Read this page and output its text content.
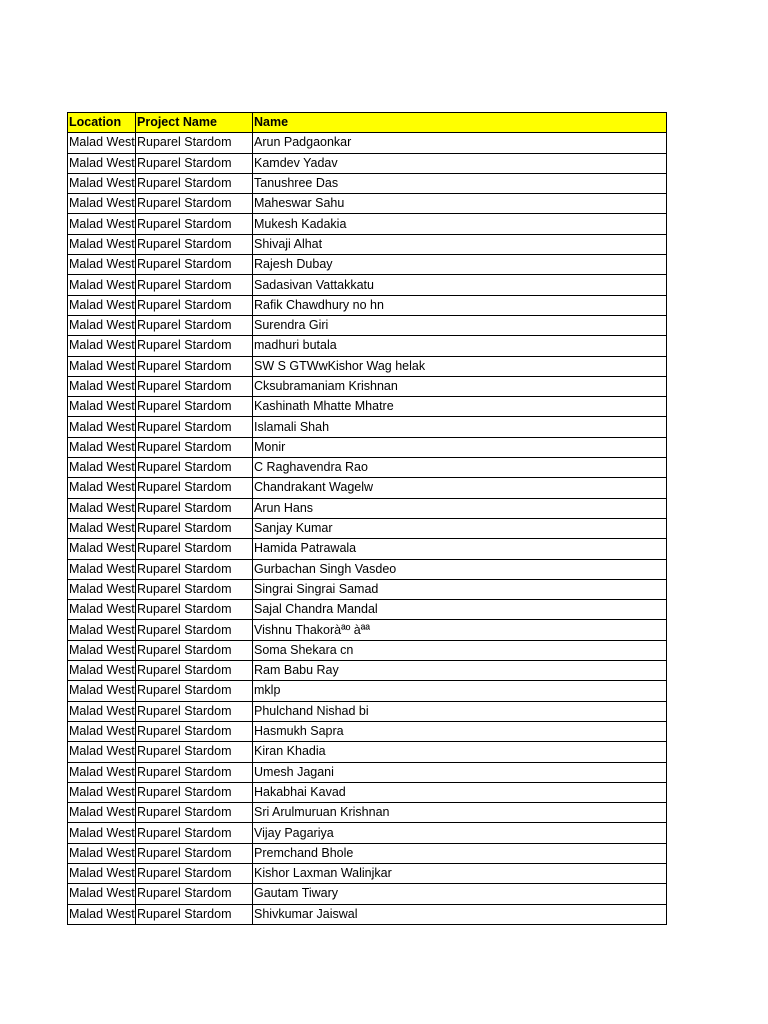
Location	Project Name	Name
Malad West	Ruparel Stardom	Arun Padgaonkar
Malad West	Ruparel Stardom	Kamdev Yadav
Malad West	Ruparel Stardom	Tanushree Das
Malad West	Ruparel Stardom	Maheswar Sahu
Malad West	Ruparel Stardom	Mukesh Kadakia
Malad West	Ruparel Stardom	Shivaji Alhat
Malad West	Ruparel Stardom	Rajesh Dubay
Malad West	Ruparel Stardom	Sadasivan Vattakkatu
Malad West	Ruparel Stardom	Rafik Chawdhury no hn
Malad West	Ruparel Stardom	Surendra Giri
Malad West	Ruparel Stardom	madhuri butala
Malad West	Ruparel Stardom	SW S GTWwKishor Wag helak
Malad West	Ruparel Stardom	Cksubramaniam Krishnan
Malad West	Ruparel Stardom	Kashinath Mhatte Mhatre
Malad West	Ruparel Stardom	Islamali Shah
Malad West	Ruparel Stardom	Monir
Malad West	Ruparel Stardom	C Raghavendra Rao
Malad West	Ruparel Stardom	Chandrakant Wagelw
Malad West	Ruparel Stardom	Arun Hans
Malad West	Ruparel Stardom	Sanjay Kumar
Malad West	Ruparel Stardom	Hamida Patrawala
Malad West	Ruparel Stardom	Gurbachan Singh Vasdeo
Malad West	Ruparel Stardom	Singrai Singrai Samad
Malad West	Ruparel Stardom	Sajal Chandra Mandal
Malad West	Ruparel Stardom	Vishnu Thakoràªº àªª
Malad West	Ruparel Stardom	Soma Shekara cn
Malad West	Ruparel Stardom	Ram Babu Ray
Malad West	Ruparel Stardom	mklp
Malad West	Ruparel Stardom	Phulchand Nishad bi
Malad West	Ruparel Stardom	Hasmukh Sapra
Malad West	Ruparel Stardom	Kiran Khadia
Malad West	Ruparel Stardom	Umesh Jagani
Malad West	Ruparel Stardom	Hakabhai Kavad
Malad West	Ruparel Stardom	Sri Arulmuruan Krishnan
Malad West	Ruparel Stardom	Vijay Pagariya
Malad West	Ruparel Stardom	Premchand Bhole
Malad West	Ruparel Stardom	Kishor Laxman Walinjkar
Malad West	Ruparel Stardom	Gautam Tiwary
Malad West	Ruparel Stardom	Shivkumar Jaiswal
